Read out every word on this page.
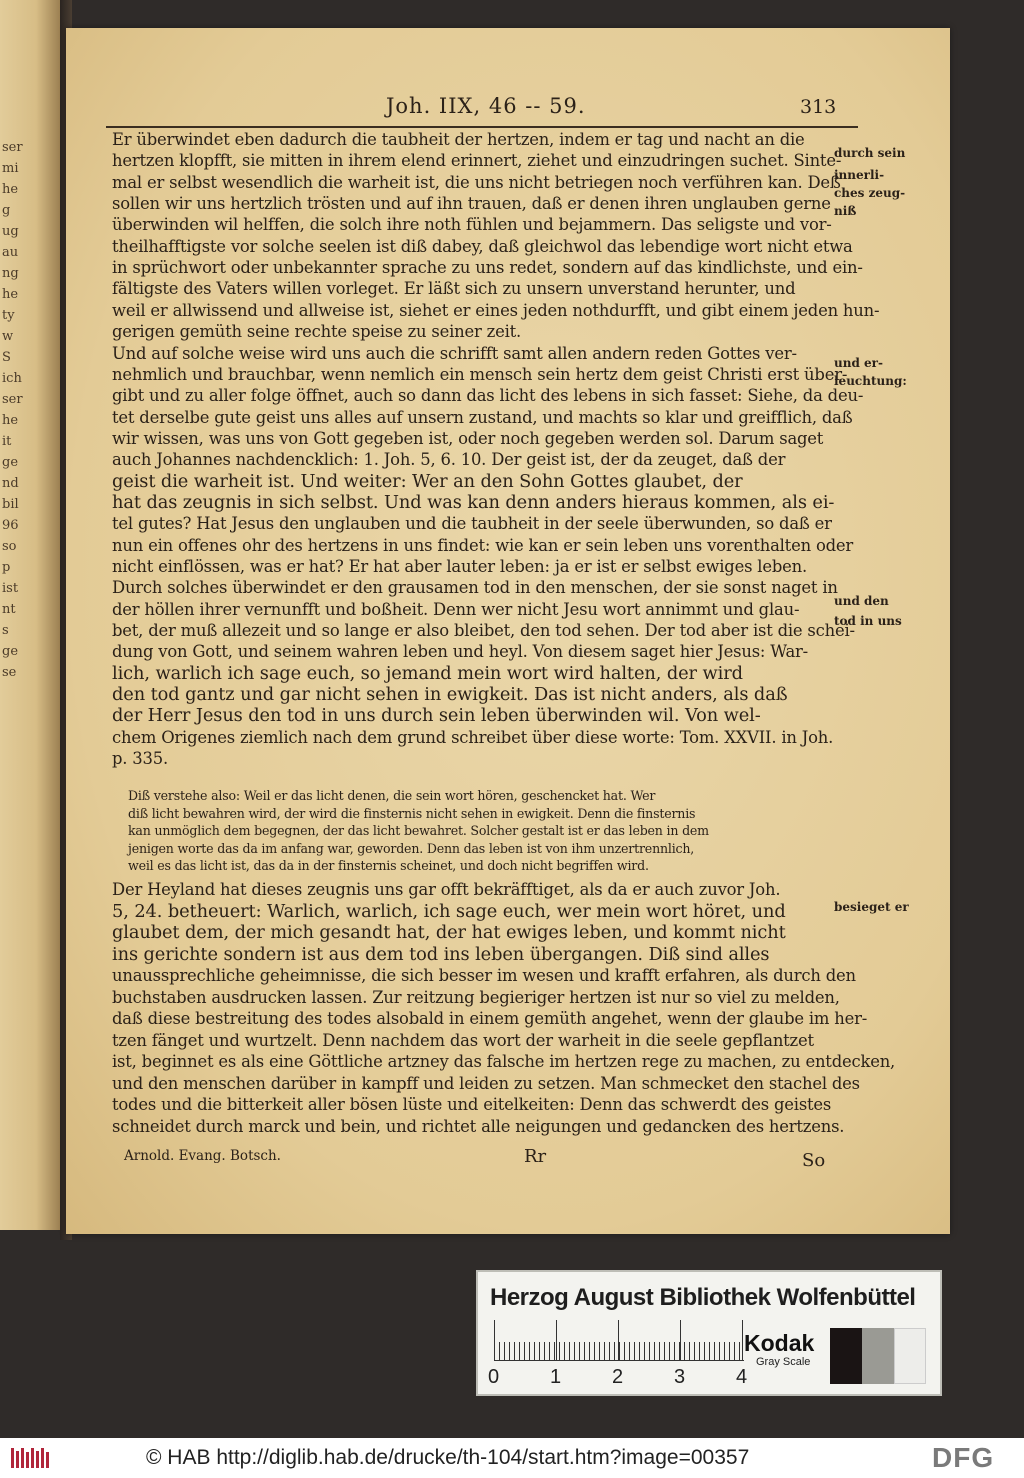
ser
mi
he
g
ug
au
ng
he
ty
w
S
ich
ser
he
it
ge
nd
bil
96
so
p
ist
nt
s
ge
se
Joh. IIX, 46 -- 59.	313
Er überwindet eben dadurch die taubheit der hertzen, indem er tag und nacht an die
hertzen klopfft, sie mitten in ihrem elend erinnert, ziehet und einzudringen suchet. Sinte-
mal er selbst wesendlich die warheit ist, die uns nicht betriegen noch verführen kan. Deß
sollen wir uns hertzlich trösten und auf ihn trauen, daß er denen ihren unglauben gerne
überwinden wil helffen, die solch ihre noth fühlen und bejammern. Das seligste und vor-
theilhafftigste vor solche seelen ist diß dabey, daß gleichwol das lebendige wort nicht etwa
in sprüchwort oder unbekannter sprache zu uns redet, sondern auf das kindlichste, und ein-
fältigste des Vaters willen vorleget. Er läßt sich zu unsern unverstand herunter, und
weil er allwissend und allweise ist, siehet er eines jeden nothdurfft, und gibt einem jeden hun-
gerigen gemüth seine rechte speise zu seiner zeit.
Und auf solche weise wird uns auch die schrifft samt allen andern reden Gottes ver-
nehmlich und brauchbar, wenn nemlich ein mensch sein hertz dem geist Christi erst über-
gibt und zu aller folge öffnet, auch so dann das licht des lebens in sich fasset: Siehe, da deu-
tet derselbe gute geist uns alles auf unsern zustand, und machts so klar und greifflich, daß
wir wissen, was uns von Gott gegeben ist, oder noch gegeben werden sol. Darum saget
auch Johannes nachdencklich: 1. Joh. 5, 6. 10. Der geist ist, der da zeuget, daß der
geist die warheit ist. Und weiter: Wer an den Sohn Gottes glaubet, der
hat das zeugnis in sich selbst. Und was kan denn anders hieraus kommen, als ei-
tel gutes? Hat Jesus den unglauben und die taubheit in der seele überwunden, so daß er
nun ein offenes ohr des hertzens in uns findet: wie kan er sein leben uns vorenthalten oder
nicht einflössen, was er hat? Er hat aber lauter leben: ja er ist er selbst ewiges leben.
Durch solches überwindet er den grausamen tod in den menschen, der sie sonst naget in
der höllen ihrer vernunfft und boßheit. Denn wer nicht Jesu wort annimmt und glau-
bet, der muß allezeit und so lange er also bleibet, den tod sehen. Der tod aber ist die schei-
dung von Gott, und seinem wahren leben und heyl. Von diesem saget hier Jesus: War-
lich, warlich ich sage euch, so jemand mein wort wird halten, der wird
den tod gantz und gar nicht sehen in ewigkeit. Das ist nicht anders, als daß
der Herr Jesus den tod in uns durch sein leben überwinden wil. Von wel-
chem Origenes ziemlich nach dem grund schreibet über diese worte: Tom. XXVII. in Joh.
p. 335.
Diß verstehe also: Weil er das licht denen, die sein wort hören, geschencket hat. Wer
diß licht bewahren wird, der wird die finsternis nicht sehen in ewigkeit. Denn die finsternis
kan unmöglich dem begegnen, der das licht bewahret. Solcher gestalt ist er das leben in dem
jenigen worte das da im anfang war, geworden. Denn das leben ist von ihm unzertrennlich,
weil es das licht ist, das da in der finsternis scheinet, und doch nicht begriffen wird.
Der Heyland hat dieses zeugnis uns gar offt bekräfftiget, als da er auch zuvor Joh.
5, 24. betheuert: Warlich, warlich, ich sage euch, wer mein wort höret, und
glaubet dem, der mich gesandt hat, der hat ewiges leben, und kommt nicht
ins gerichte sondern ist aus dem tod ins leben übergangen. Diß sind alles
unaussprechliche geheimnisse, die sich besser im wesen und krafft erfahren, als durch den
buchstaben ausdrucken lassen. Zur reitzung begieriger hertzen ist nur so viel zu melden,
daß diese bestreitung des todes alsobald in einem gemüth angehet, wenn der glaube im her-
tzen fänget und wurtzelt. Denn nachdem das wort der warheit in die seele gepflantzet
ist, beginnet es als eine Göttliche artzney das falsche im hertzen rege zu machen, zu entdecken,
und den menschen darüber in kampff und leiden zu setzen. Man schmecket den stachel des
todes und die bitterkeit aller bösen lüste und eitelkeiten: Denn das schwerdt des geistes
schneidet durch marck und bein, und richtet alle neigungen und gedancken des hertzens.
durch sein
innerli-
ches zeug-
niß
und er-
leuchtung:
und den
tod in uns
besieget er
Arnold. Evang. Botsch.	Rr	So
Herzog August Bibliothek Wolfenbüttel
0	1	2	3	4
Kodak
Gray Scale
© HAB http://diglib.hab.de/drucke/th-104/start.htm?image=00357	DFG
